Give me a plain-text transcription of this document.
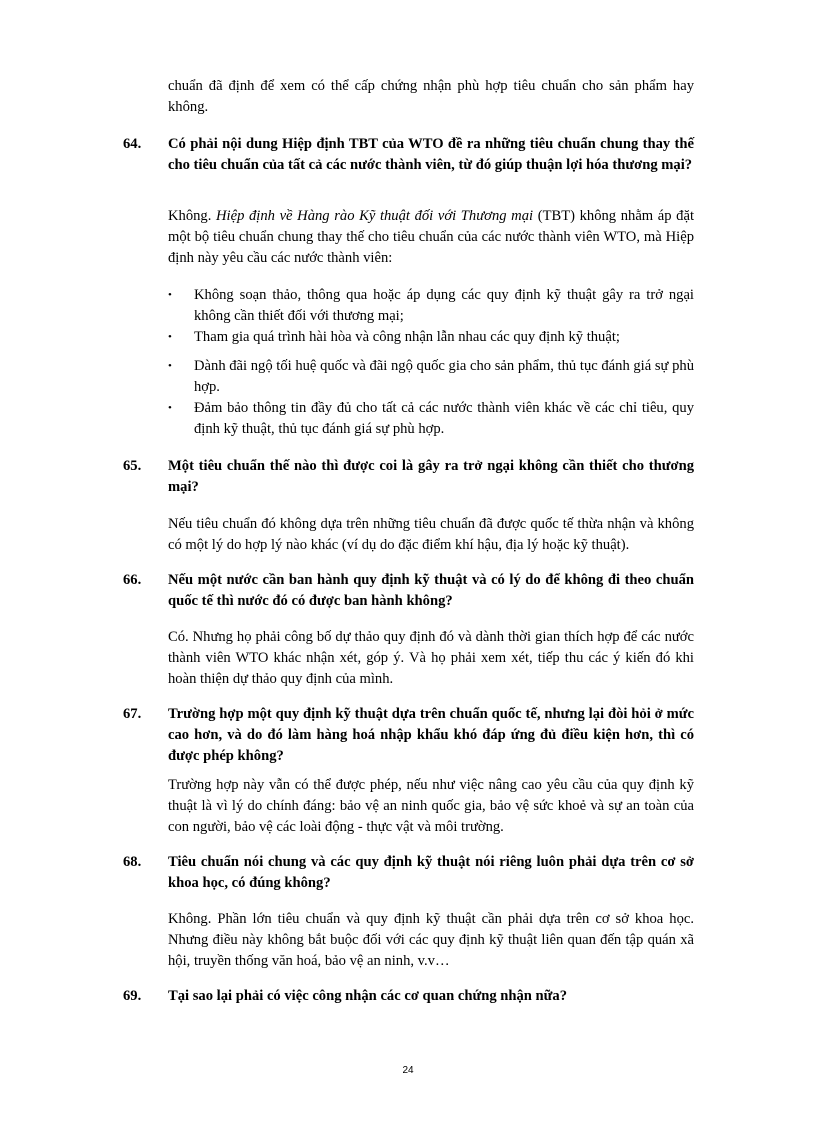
chuẩn đã định để xem có thể cấp chứng nhận phù hợp tiêu chuẩn cho sản phẩm hay không.
64. Có phải nội dung Hiệp định TBT của WTO đề ra những tiêu chuẩn chung thay thế cho tiêu chuẩn của tất cả các nước thành viên, từ đó giúp thuận lợi hóa thương mại?
Không. Hiệp định về Hàng rào Kỹ thuật đối với Thương mại (TBT) không nhằm áp đặt một bộ tiêu chuẩn chung thay thế cho tiêu chuẩn của các nước thành viên WTO, mà Hiệp định này yêu cầu các nước thành viên:
• Không soạn thảo, thông qua hoặc áp dụng các quy định kỹ thuật gây ra trở ngại không cần thiết đối với thương mại;
• Tham gia quá trình hài hòa và công nhận lẫn nhau các quy định kỹ thuật;
• Dành đãi ngộ tối huệ quốc và đãi ngộ quốc gia cho sản phẩm, thủ tục đánh giá sự phù hợp.
• Đảm bảo thông tin đầy đủ cho tất cả các nước thành viên khác về các chỉ tiêu, quy định kỹ thuật, thủ tục đánh giá sự phù hợp.
65. Một tiêu chuẩn thế nào thì được coi là gây ra trở ngại không cần thiết cho thương mại?
Nếu tiêu chuẩn đó không dựa trên những tiêu chuẩn đã được quốc tế thừa nhận và không có một lý do hợp lý nào khác (ví dụ do đặc điểm khí hậu, địa lý hoặc kỹ thuật).
66. Nếu một nước cần ban hành quy định kỹ thuật và có lý do để không đi theo chuẩn quốc tế thì nước đó có được ban hành không?
Có. Nhưng họ phải công bố dự thảo quy định đó và dành thời gian thích hợp để các nước thành viên WTO khác nhận xét, góp ý. Và họ phải xem xét, tiếp thu các ý kiến đó khi hoàn thiện dự thảo quy định của mình.
67. Trường hợp một quy định kỹ thuật dựa trên chuẩn quốc tế, nhưng lại đòi hỏi ở mức cao hơn, và do đó làm hàng hoá nhập khẩu khó đáp ứng đủ điều kiện hơn, thì có được phép không?
Trường hợp này vẫn có thể được phép, nếu như việc nâng cao yêu cầu của quy định kỹ thuật là vì lý do chính đáng: bảo vệ an ninh quốc gia, bảo vệ sức khoẻ và sự an toàn của con người, bảo vệ các loài động - thực vật và môi trường.
68. Tiêu chuẩn nói chung và các quy định kỹ thuật nói riêng luôn phải dựa trên cơ sở khoa học, có đúng không?
Không. Phần lớn tiêu chuẩn và quy định kỹ thuật cần phải dựa trên cơ sở khoa học. Nhưng điều này không bắt buộc đối với các quy định kỹ thuật liên quan đến tập quán xã hội, truyền thống văn hoá, bảo vệ an ninh, v.v…
69. Tại sao lại phải có việc công nhận các cơ quan chứng nhận nữa?
24
